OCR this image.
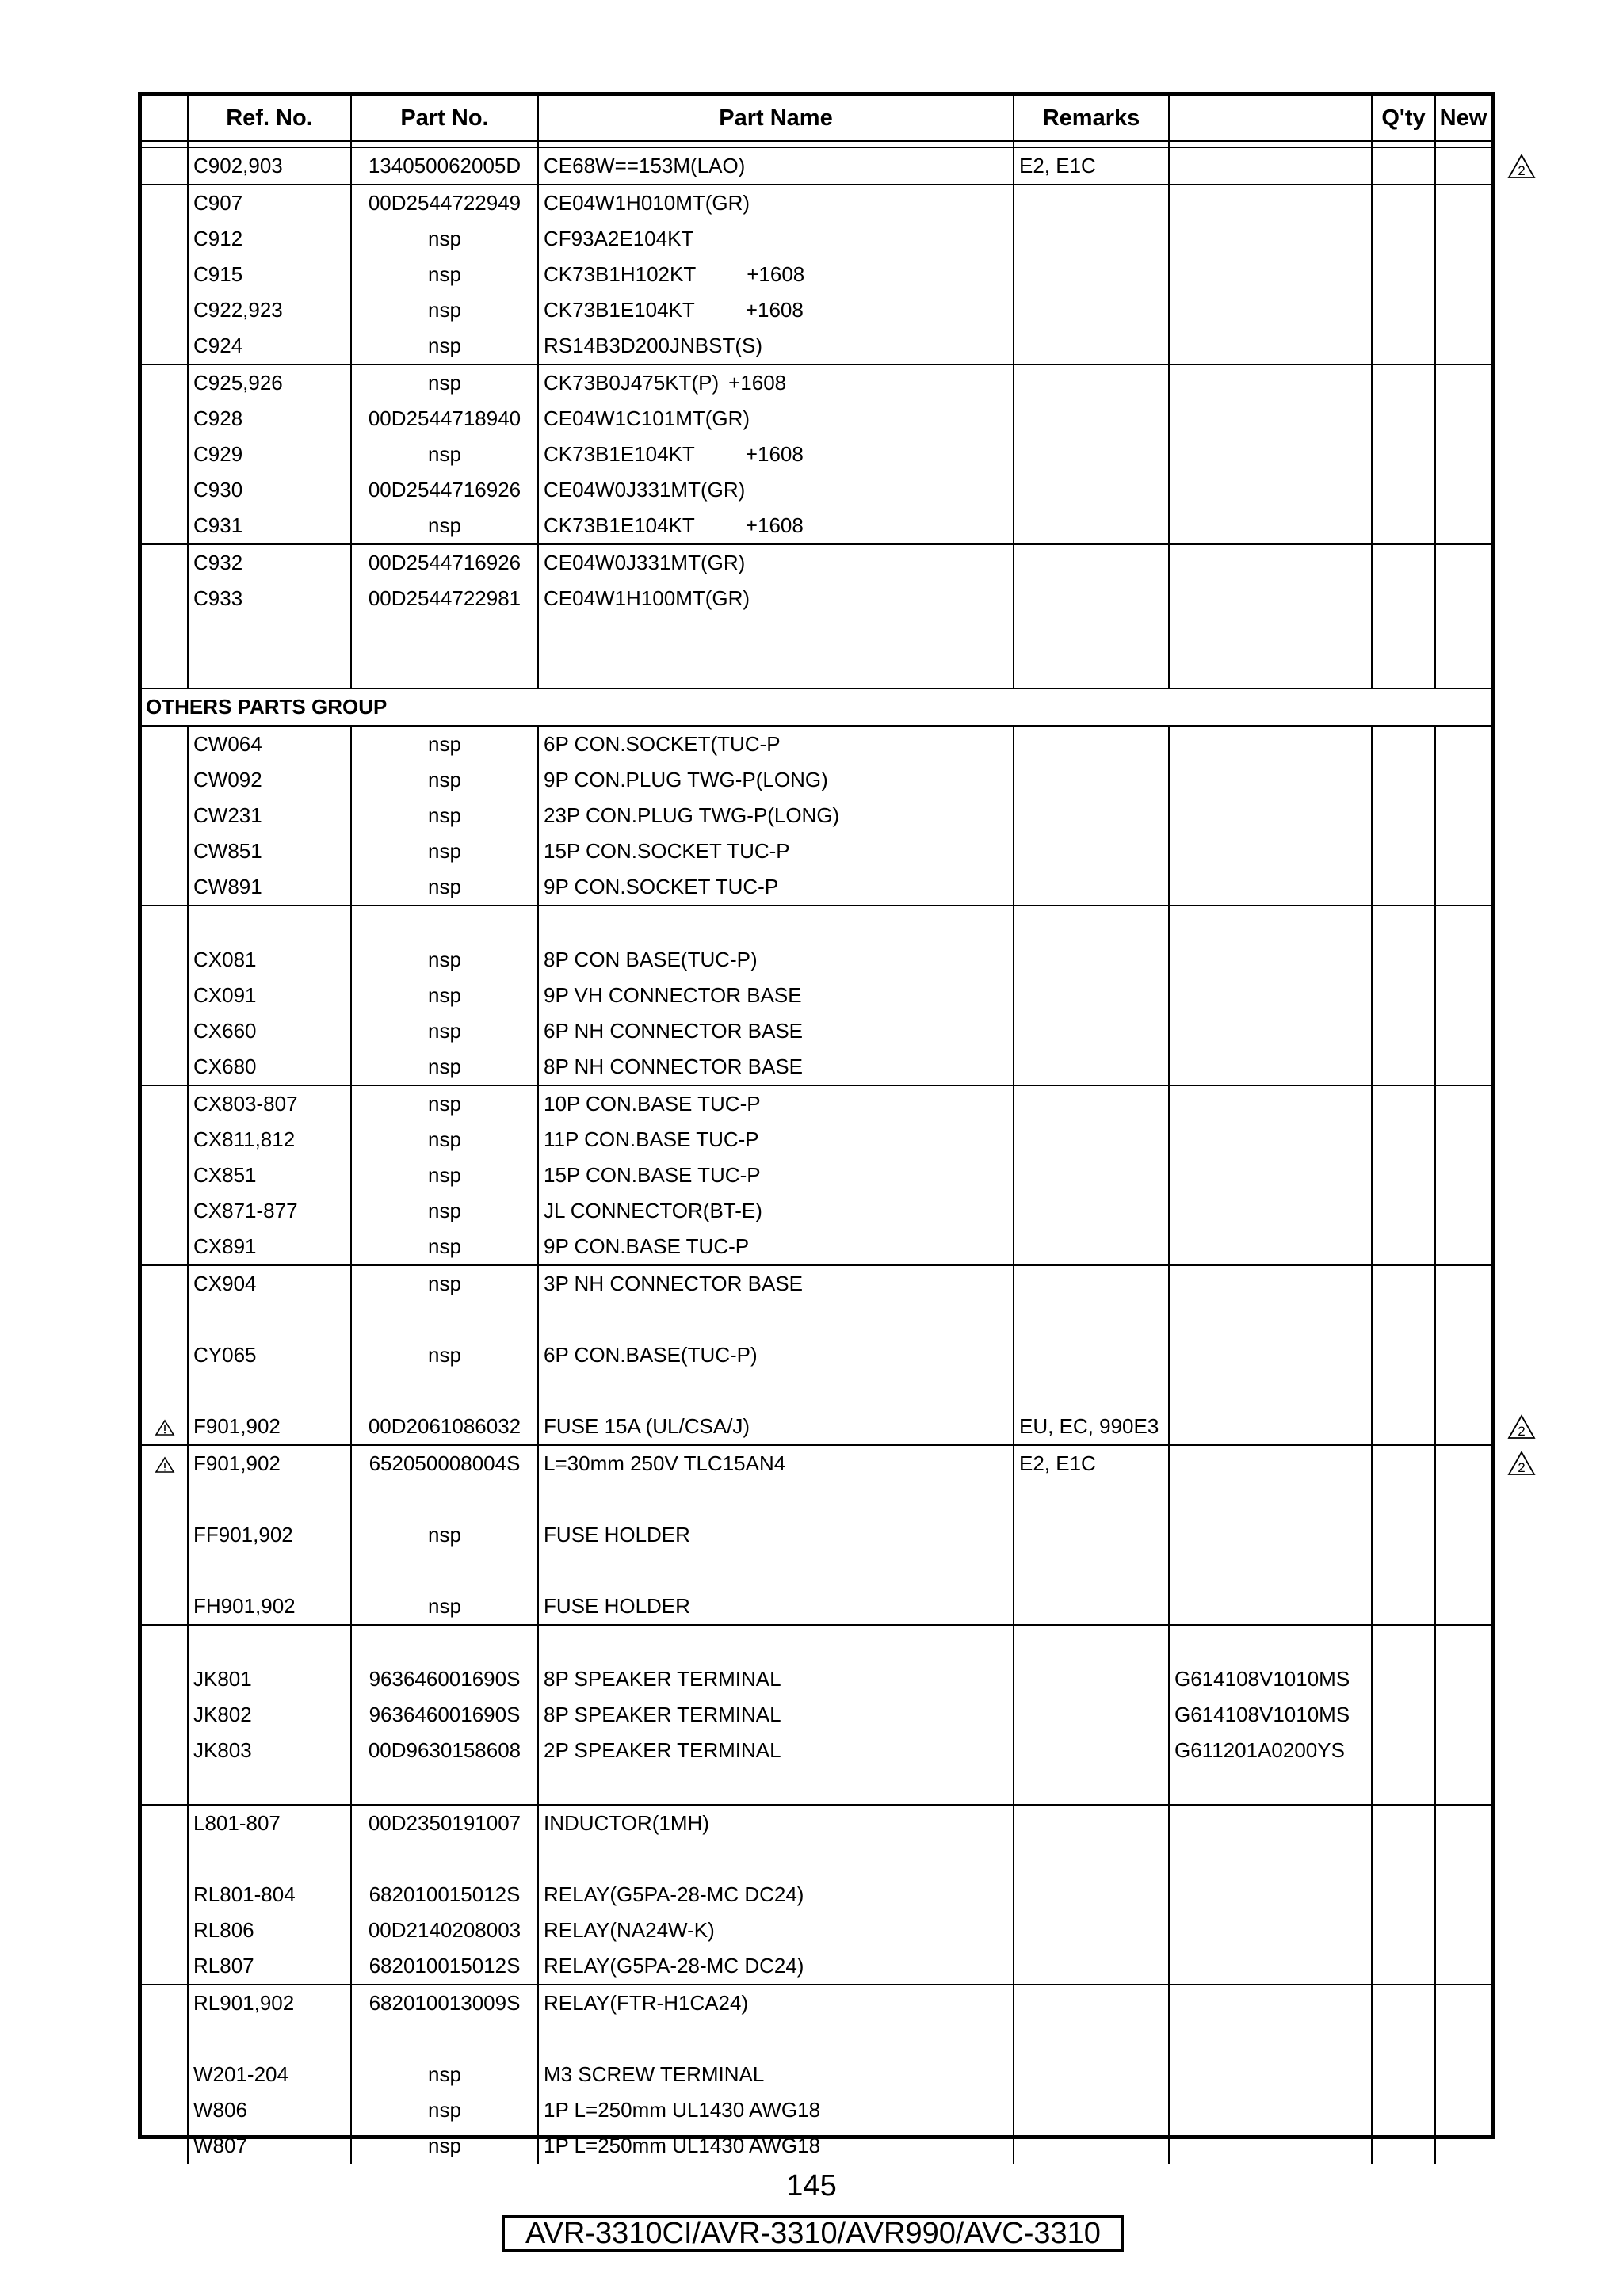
	Ref. No.	Part No.	Part Name	Remarks		Q'ty	New

	C902,903	134050062005D	CE68W==153M(LAO)	E2, E1C			
	C907	00D2544722949	CE04W1H010MT(GR)				
	C912	nsp	CF93A2E104KT				
	C915	nsp	CK73B1H102KT +1608				
	C922,923	nsp	CK73B1E104KT +1608				
	C924	nsp	RS14B3D200JNBST(S)				
	C925,926	nsp	CK73B0J475KT(P) +1608				
	C928	00D2544718940	CE04W1C101MT(GR)				
	C929	nsp	CK73B1E104KT +1608				
	C930	00D2544716926	CE04W0J331MT(GR)				
	C931	nsp	CK73B1E104KT +1608				
	C932	00D2544716926	CE04W0J331MT(GR)				
	C933	00D2544722981	CE04W1H100MT(GR)				

OTHERS PARTS GROUP							
	CW064	nsp	6P CON.SOCKET(TUC-P				
	CW092	nsp	9P CON.PLUG TWG-P(LONG)				
	CW231	nsp	23P CON.PLUG TWG-P(LONG)				
	CW851	nsp	15P CON.SOCKET TUC-P				
	CW891	nsp	9P CON.SOCKET TUC-P				

	CX081	nsp	8P CON BASE(TUC-P)				
	CX091	nsp	9P VH CONNECTOR BASE				
	CX660	nsp	6P NH CONNECTOR BASE				
	CX680	nsp	8P NH CONNECTOR BASE				
	CX803-807	nsp	10P CON.BASE TUC-P				
	CX811,812	nsp	11P CON.BASE TUC-P				
	CX851	nsp	15P CON.BASE TUC-P				
	CX871-877	nsp	JL CONNECTOR(BT-E)				
	CX891	nsp	9P CON.BASE TUC-P				
	CX904	nsp	3P NH CONNECTOR BASE				

	CY065	nsp	6P CON.BASE(TUC-P)				

	F901,902	00D2061086032	FUSE 15A (UL/CSA/J)	EU, EC, 990E3			
	F901,902	652050008004S	L=30mm 250V TLC15AN4	E2, E1C			

	FF901,902	nsp	FUSE HOLDER				

	FH901,902	nsp	FUSE HOLDER				

	JK801	963646001690S	8P SPEAKER TERMINAL		G614108V1010MS		
	JK802	963646001690S	8P SPEAKER TERMINAL		G614108V1010MS		
	JK803	00D9630158608	2P SPEAKER TERMINAL		G611201A0200YS		

	L801-807	00D2350191007	INDUCTOR(1MH)				

	RL801-804	682010015012S	RELAY(G5PA-28-MC DC24)				
	RL806	00D2140208003	RELAY(NA24W-K)				
	RL807	682010015012S	RELAY(G5PA-28-MC DC24)				
	RL901,902	682010013009S	RELAY(FTR-H1CA24)				

	W201-204	nsp	M3 SCREW TERMINAL				
	W806	nsp	1P L=250mm UL1430 AWG18				
	W807	nsp	1P L=250mm UL1430 AWG18				
2
2
2
145
AVR-3310CI/AVR-3310/AVR990/AVC-3310
